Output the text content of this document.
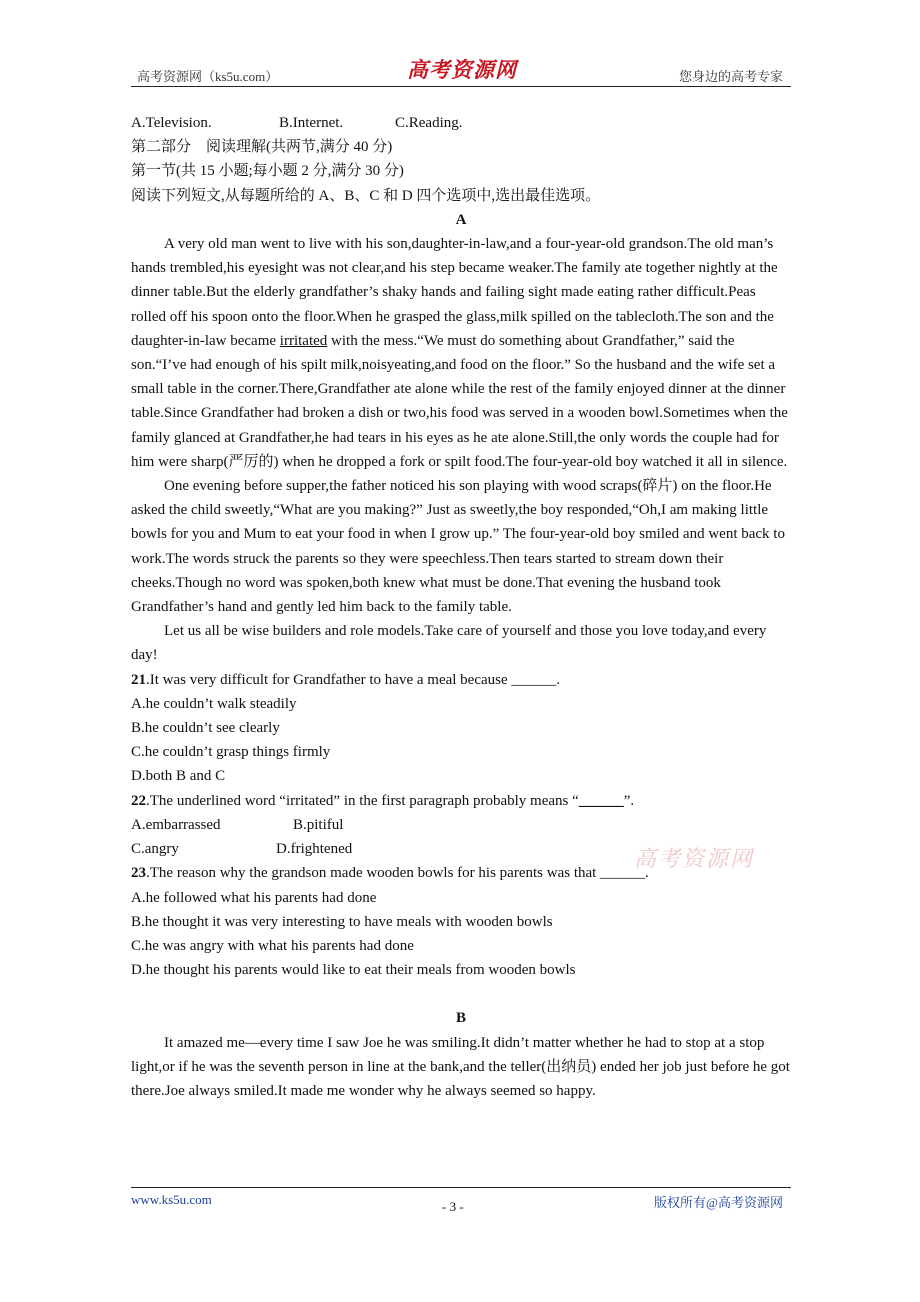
高考资源网（ks5u.com）	高考资源网	您身边的高考专家
A.Television.	B.Internet.	C.Reading.
第二部分　阅读理解(共两节,满分 40 分)
第一节(共 15 小题;每小题 2 分,满分 30 分)
阅读下列短文,从每题所给的 A、B、C 和 D 四个选项中,选出最佳选项。
A
A very old man went to live with his son,daughter-in-law,and a four-year-old grandson.The old man’s hands trembled,his eyesight was not clear,and his step became weaker.The family ate together nightly at the dinner table.But the elderly grandfather’s shaky hands and failing sight made eating rather difficult.Peas rolled off his spoon onto the floor.When he grasped the glass,milk spilled on the tablecloth.The son and the daughter-in-law became irritated with the mess.“We must do something about Grandfather,” said the son.“I’ve had enough of his spilt milk,noisyeating,and food on the floor.” So the husband and the wife set a small table in the corner.There,Grandfather ate alone while the rest of the family enjoyed dinner at the dinner table.Since Grandfather had broken a dish or two,his food was served in a wooden bowl.Sometimes when the family glanced at Grandfather,he had tears in his eyes as he ate alone.Still,the only words the couple had for him were sharp(严厉的) when he dropped a fork or spilt food.The four-year-old boy watched it all in silence.
One evening before supper,the father noticed his son playing with wood scraps(碎片) on the floor.He asked the child sweetly,“What are you making?” Just as sweetly,the boy responded,“Oh,I am making little bowls for you and Mum to eat your food in when I grow up.” The four-year-old boy smiled and went back to work.The words struck the parents so they were speechless.Then tears started to stream down their cheeks.Though no word was spoken,both knew what must be done.That evening the husband took Grandfather’s hand and gently led him back to the family table.
Let us all be wise builders and role models.Take care of yourself and those you love today,and every day!
21.It was very difficult for Grandfather to have a meal because ______.
A.he couldn’t walk steadily
B.he couldn’t see clearly
C.he couldn’t grasp things firmly
D.both B and C
22.The underlined word “irritated” in the first paragraph probably means “______”.
A.embarrassed	B.pitiful
C.angry	D.frightened
23.The reason why the grandson made wooden bowls for his parents was that ______.
A.he followed what his parents had done
B.he thought it was very interesting to have meals with wooden bowls
C.he was angry with what his parents had done
D.he thought his parents would like to eat their meals from wooden bowls
B
It amazed me—every time I saw Joe he was smiling.It didn’t matter whether he had to stop at a stop light,or if he was the seventh person in line at the bank,and the teller(出纳员) ended her job just before he got there.Joe always smiled.It made me wonder why he always seemed so happy.
高考资源网
www.ks5u.com	- 3 -	版权所有@高考资源网
